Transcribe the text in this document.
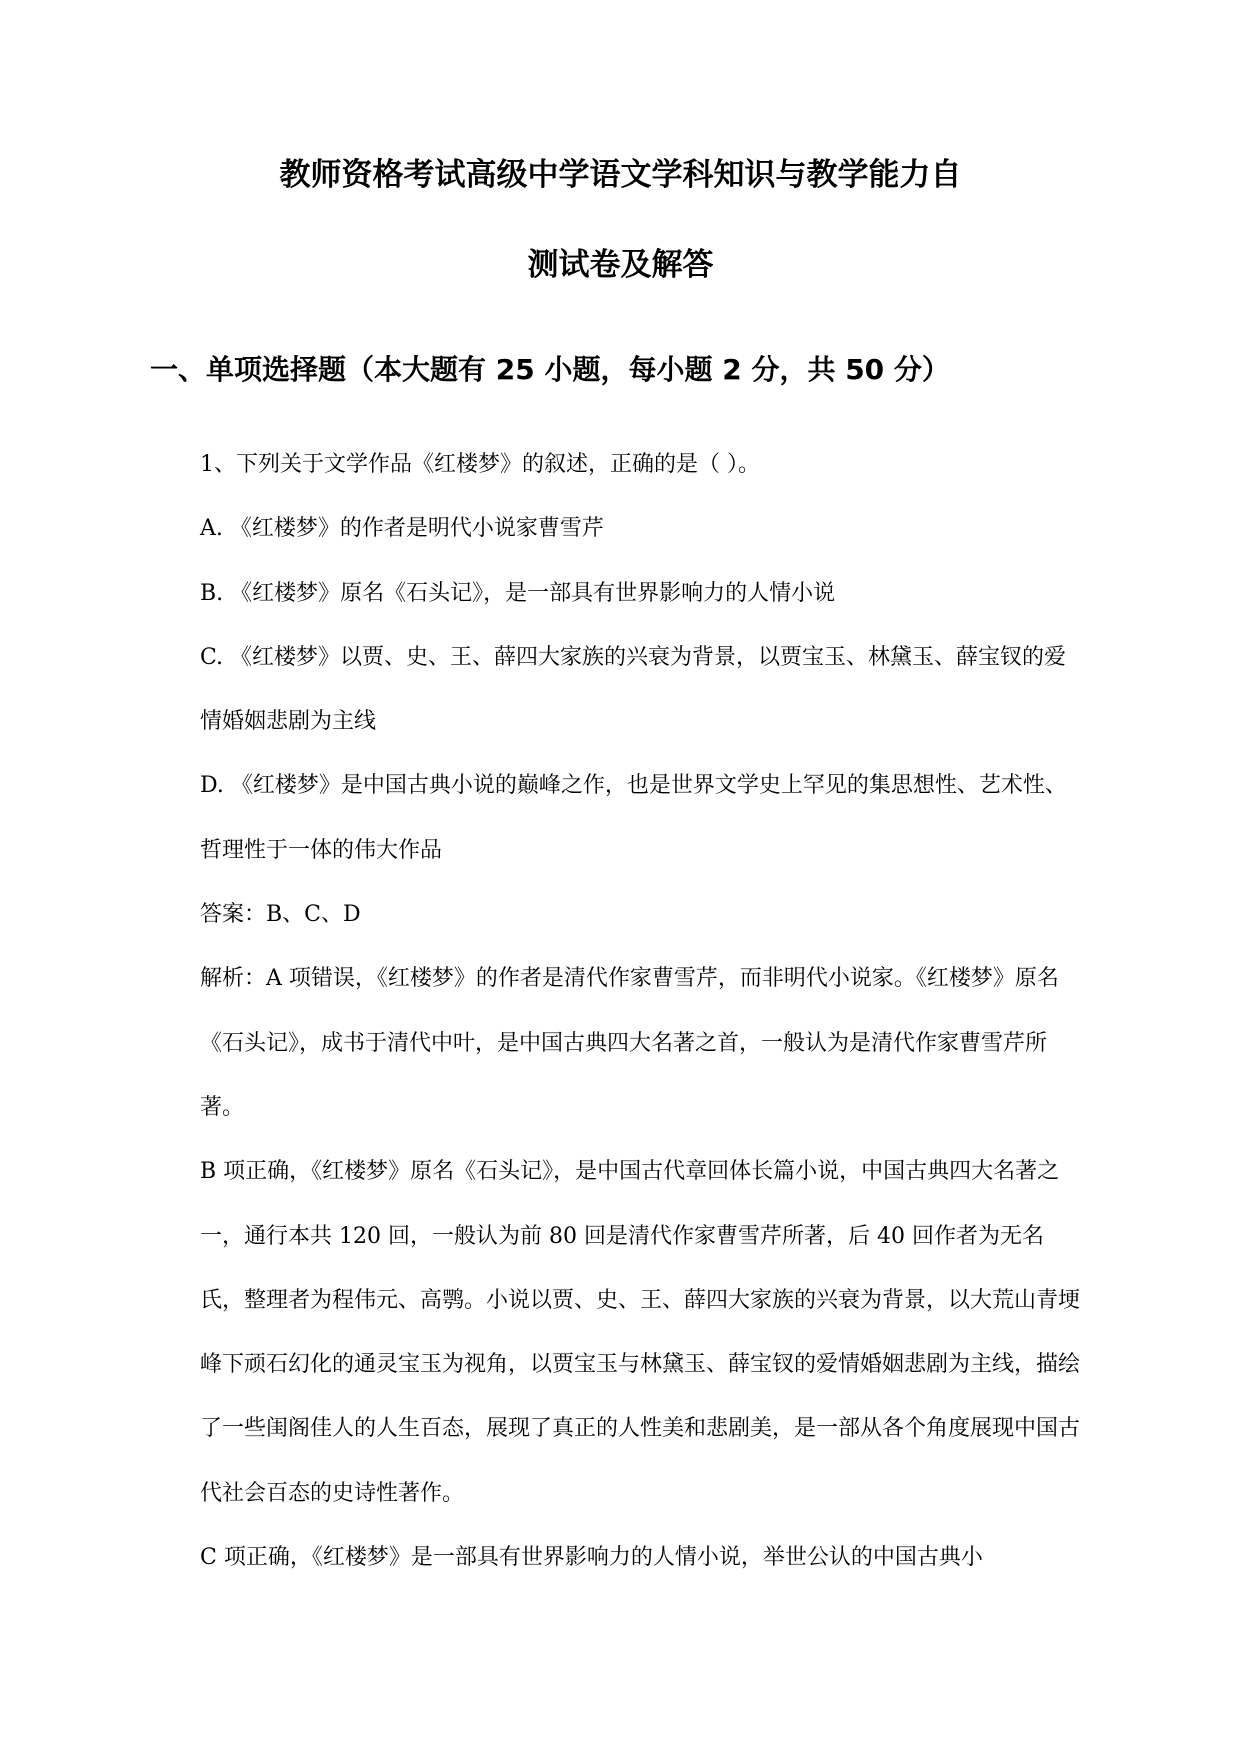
教师资格考试高级中学语文学科知识与教学能力自
测试卷及解答
一、单项选择题（本大题有 25 小题，每小题 2 分，共 50 分）

1、下列关于文学作品《红楼梦》的叙述，正确的是（ ）。

A. 《红楼梦》的作者是明代小说家曹雪芹

B. 《红楼梦》原名《石头记》，是一部具有世界影响力的人情小说

C. 《红楼梦》以贾、史、王、薛四大家族的兴衰为背景，以贾宝玉、林黛玉、薛宝钗的爱情婚姻悲剧为主线

D. 《红楼梦》是中国古典小说的巅峰之作，也是世界文学史上罕见的集思想性、艺术性、哲理性于一体的伟大作品

答案：B、C、D

解析：A 项错误，《红楼梦》的作者是清代作家曹雪芹，而非明代小说家。《红楼梦》原名《石头记》，成书于清代中叶，是中国古典四大名著之首，一般认为是清代作家曹雪芹所著。

B 项正确，《红楼梦》原名《石头记》，是中国古代章回体长篇小说，中国古典四大名著之一，通行本共 120 回，一般认为前 80 回是清代作家曹雪芹所著，后 40 回作者为无名氏，整理者为程伟元、高鹗。小说以贾、史、王、薛四大家族的兴衰为背景，以大荒山青埂峰下顽石幻化的通灵宝玉为视角，以贾宝玉与林黛玉、薛宝钗的爱情婚姻悲剧为主线，描绘了一些闺阁佳人的人生百态，展现了真正的人性美和悲剧美，是一部从各个角度展现中国古代社会百态的史诗性著作。

C 项正确，《红楼梦》是一部具有世界影响力的人情小说，举世公认的中国古典小
